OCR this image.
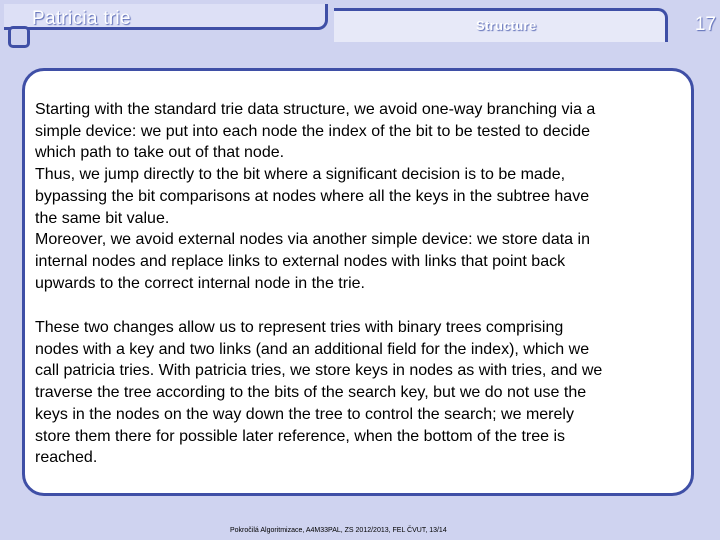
Patricia trie	Structure	17

Starting with the standard trie data structure, we avoid one-way branching via a
simple device: we put into each node the index of the bit to be tested to decide
which path to take out of that node.
Thus, we jump directly to the bit where a significant decision is to be made,
bypassing the bit comparisons at nodes where all the keys in the subtree have
the same bit value.
Moreover, we avoid external nodes via another simple device: we store data in
internal nodes and replace links to external nodes with links that point back
upwards to the correct internal node in the trie.

These two changes allow us to represent tries with binary trees comprising
nodes with a key and two links (and an additional field for the index), which we
call patricia tries. With patricia tries, we store keys in nodes as with tries, and we
traverse the tree according to the bits of the search key, but we do not use the
keys in the nodes on the way down the tree to control the search; we merely
store them there for possible later reference, when the bottom of the tree is
reached.

Pokročilá Algoritmizace, A4M33PAL, ZS 2012/2013, FEL ČVUT, 13/14
